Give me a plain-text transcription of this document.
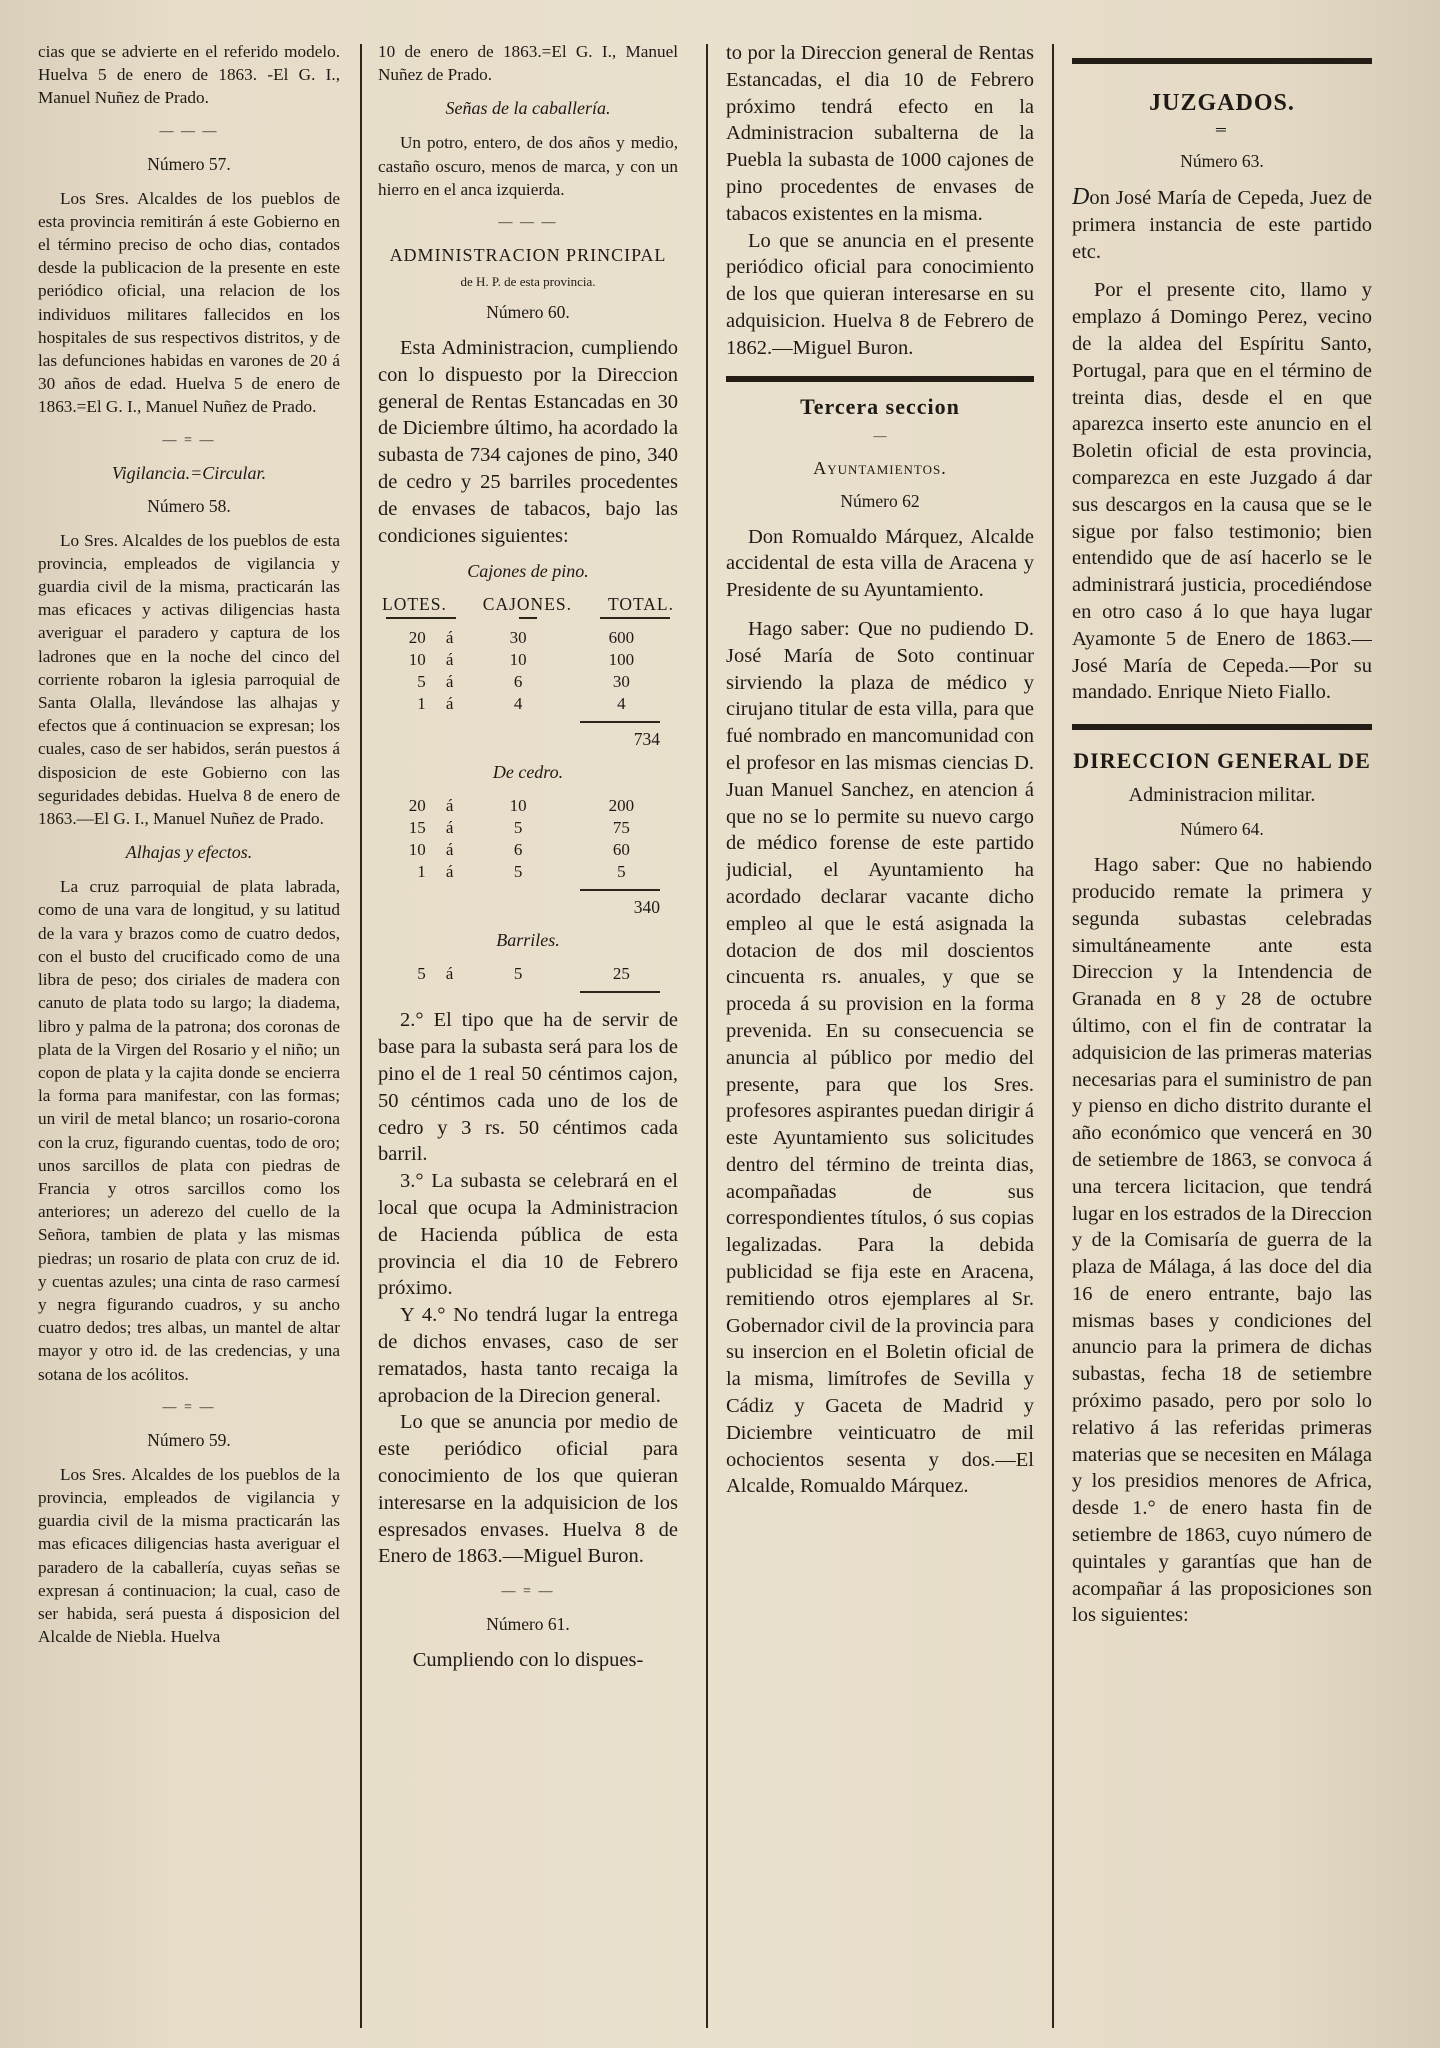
cias que se advierte en el referido modelo. Huelva 5 de enero de 1863. -El G. I., Manuel Nuñez de Prado.

— — —
Número 57.

Los Sres. Alcaldes de los pueblos de esta provincia remitirán á este Gobierno en el término preciso de ocho dias, contados desde la publicacion de la presente en este periódico oficial, una relacion de los individuos militares fallecidos en los hospitales de sus respectivos distritos, y de las defunciones habidas en varones de 20 á 30 años de edad. Huelva 5 de enero de 1863.=El G. I., Manuel Nuñez de Prado.

— = —
Vigilancia.=Circular.
Número 58.

Lo Sres. Alcaldes de los pueblos de esta provincia, empleados de vigilancia y guardia civil de la misma, practicarán las mas eficaces y activas diligencias hasta averiguar el paradero y captura de los ladrones que en la noche del cinco del corriente robaron la iglesia parroquial de Santa Olalla, llevándose las alhajas y efectos que á continuacion se expresan; los cuales, caso de ser habidos, serán puestos á disposicion de este Gobierno con las seguridades debidas. Huelva 8 de enero de 1863.—El G. I., Manuel Nuñez de Prado.

Alhajas y efectos.

La cruz parroquial de plata labrada, como de una vara de longitud, y su latitud de la vara y brazos como de cuatro dedos, con el busto del crucificado como de una libra de peso; dos ciriales de madera con canuto de plata todo su largo; la diadema, libro y palma de la patrona; dos coronas de plata de la Virgen del Rosario y el niño; un copon de plata y la cajita donde se encierra la forma para manifestar, con las formas; un viril de metal blanco; un rosario-corona con la cruz, figurando cuentas, todo de oro; unos sarcillos de plata con piedras de Francia y otros sarcillos como los anteriores; un aderezo del cuello de la Señora, tambien de plata y las mismas piedras; un rosario de plata con cruz de id. y cuentas azules; una cinta de raso carmesí y negra figurando cuadros, y su ancho cuatro dedos; tres albas, un mantel de altar mayor y otro id. de las credencias, y una sotana de los acólitos.

— = —
Número 59.

Los Sres. Alcaldes de los pueblos de la provincia, empleados de vigilancia y guardia civil de la misma practicarán las mas eficaces diligencias hasta averiguar el paradero de la caballería, cuyas señas se expresan á continuacion; la cual, caso de ser habida, será puesta á disposicion del Alcalde de Niebla. Huelva

10 de enero de 1863.=El G. I., Manuel Nuñez de Prado.

Señas de la caballería.

Un potro, entero, de dos años y medio, castaño oscuro, menos de marca, y con un hierro en el anca izquierda.

— — —
ADMINISTRACION PRINCIPAL
de H. P. de esta provincia.
Número 60.

Esta Administracion, cumpliendo con lo dispuesto por la Direccion general de Rentas Estancadas en 30 de Diciembre último, ha acordado la subasta de 734 cajones de pino, 340 de cedro y 25 barriles procedentes de envases de tabacos, bajo las condiciones siguientes:

Cajones de pino.
LOTES. CAJONES. TOTAL.
20	á	30	600
10	á	10	100
5	á	6	30
1	á	4	4
734
De cedro.
20	á	10	200
15	á	5	75
10	á	6	60
1	á	5	5
340
Barriles.
5	á	5	25

2.° El tipo que ha de servir de base para la subasta será para los de pino el de 1 real 50 céntimos cajon, 50 céntimos cada uno de los de cedro y 3 rs. 50 céntimos cada barril.

3.° La subasta se celebrará en el local que ocupa la Administracion de Hacienda pública de esta provincia el dia 10 de Febrero próximo.

Y 4.° No tendrá lugar la entrega de dichos envases, caso de ser rematados, hasta tanto recaiga la aprobacion de la Direcion general.

Lo que se anuncia por medio de este periódico oficial para conocimiento de los que quieran interesarse en la adquisicion de los espresados envases. Huelva 8 de Enero de 1863.—Miguel Buron.

— = —
Número 61.

Cumpliendo con lo dispues-

to por la Direccion general de Rentas Estancadas, el dia 10 de Febrero próximo tendrá efecto en la Administracion subalterna de la Puebla la subasta de 1000 cajones de pino procedentes de envases de tabacos existentes en la misma.

Lo que se anuncia en el presente periódico oficial para conocimiento de los que quieran interesarse en su adquisicion. Huelva 8 de Febrero de 1862.—Miguel Buron.

Tercera seccion
—
Ayuntamientos.
Número 62

Don Romualdo Márquez, Alcalde accidental de esta villa de Aracena y Presidente de su Ayuntamiento.

Hago saber: Que no pudiendo D. José María de Soto continuar sirviendo la plaza de médico y cirujano titular de esta villa, para que fué nombrado en mancomunidad con el profesor en las mismas ciencias D. Juan Manuel Sanchez, en atencion á que no se lo permite su nuevo cargo de médico forense de este partido judicial, el Ayuntamiento ha acordado declarar vacante dicho empleo al que le está asignada la dotacion de dos mil doscientos cincuenta rs. anuales, y que se proceda á su provision en la forma prevenida. En su consecuencia se anuncia al público por medio del presente, para que los Sres. profesores aspirantes puedan dirigir á este Ayuntamiento sus solicitudes dentro del término de treinta dias, acompañadas de sus correspondientes títulos, ó sus copias legalizadas. Para la debida publicidad se fija este en Aracena, remitiendo otros ejemplares al Sr. Gobernador civil de la provincia para su insercion en el Boletin oficial de la misma, limítrofes de Sevilla y Cádiz y Gaceta de Madrid y Diciembre veinticuatro de mil ochocientos sesenta y dos.—El Alcalde, Romualdo Márquez.

JUZGADOS.
═
Número 63.

Don José María de Cepeda, Juez de primera instancia de este partido etc.

Por el presente cito, llamo y emplazo á Domingo Perez, vecino de la aldea del Espíritu Santo, Portugal, para que en el término de treinta dias, desde el en que aparezca inserto este anuncio en el Boletin oficial de esta provincia, comparezca en este Juzgado á dar sus descargos en la causa que se le sigue por falso testimonio; bien entendido que de así hacerlo se le administrará justicia, procediéndose en otro caso á lo que haya lugar Ayamonte 5 de Enero de 1863.—José María de Cepeda.—Por su mandado. Enrique Nieto Fiallo.

DIRECCION GENERAL DE
Administracion militar.
Número 64.

Hago saber: Que no habiendo producido remate la primera y segunda subastas celebradas simultáneamente ante esta Direccion y la Intendencia de Granada en 8 y 28 de octubre último, con el fin de contratar la adquisicion de las primeras materias necesarias para el suministro de pan y pienso en dicho distrito durante el año económico que vencerá en 30 de setiembre de 1863, se convoca á una tercera licitacion, que tendrá lugar en los estrados de la Direccion y de la Comisaría de guerra de la plaza de Málaga, á las doce del dia 16 de enero entrante, bajo las mismas bases y condiciones del anuncio para la primera de dichas subastas, fecha 18 de setiembre próximo pasado, pero por solo lo relativo á las referidas primeras materias que se necesiten en Málaga y los presidios menores de Africa, desde 1.° de enero hasta fin de setiembre de 1863, cuyo número de quintales y garantías que han de acompañar á las proposiciones son los siguientes:
